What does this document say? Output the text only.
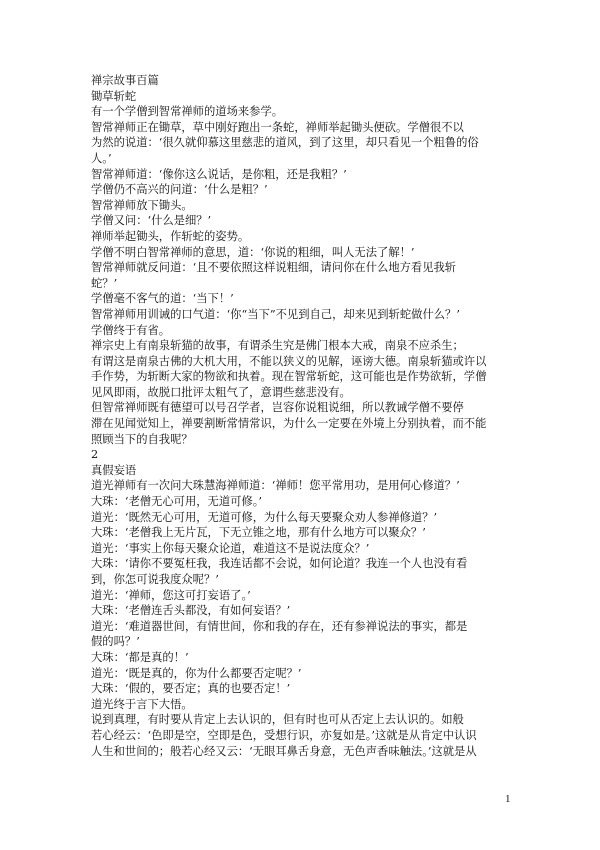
禅宗故事百篇
锄草斩蛇
有一个学僧到智常禅师的道场来参学。
智常禅师正在锄草，草中刚好跑出一条蛇，禅师举起锄头便砍。学僧很不以
为然的说道：‘很久就仰慕这里慈悲的道风，到了这里，却只看见一个粗鲁的俗
人。’
智常禅师道：‘像你这么说话，是你粗，还是我粗？’
学僧仍不高兴的问道：‘什么是粗？’
智常禅师放下锄头。
学僧又问：‘什么是细？’
禅师举起锄头，作斩蛇的姿势。
学僧不明白智常禅师的意思，道：‘你说的粗细，叫人无法了解！’
智常禅师就反问道：‘且不要依照这样说粗细，请问你在什么地方看见我斩
蛇？’
学僧毫不客气的道：‘当下！’
智常禅师用训诫的口气道：‘你“当下”不见到自己，却来见到斩蛇做什么？’
学僧终于有省。
禅宗史上有南泉斩猫的故事，有谓杀生究是佛门根本大戒，南泉不应杀生；
有谓这是南泉古佛的大机大用，不能以狭义的见解，诬谤大德。南泉斩猫或许以
手作势，为斩断大家的物欲和执着。现在智常斩蛇，这可能也是作势欲斩，学僧
见风即雨，故脱口批评太粗气了，意谓些慈悲没有。
但智常禅师既有德望可以号召学者，岂容你说粗说细，所以教诫学僧不要停
滞在见闻觉知上，禅要割断常情常识，为什么一定要在外境上分别执着，而不能
照顾当下的自我呢？
2
真假妄语
道光禅师有一次问大珠慧海禅师道：‘禅师！您平常用功，是用何心修道？’
大珠：‘老僧无心可用，无道可修。’
道光：‘既然无心可用，无道可修，为什么每天要聚众劝人参禅修道？’
大珠：‘老僧我上无片瓦，下无立锥之地，那有什么地方可以聚众？’
道光：‘事实上你每天聚众论道，难道这不是说法度众？’
大珠：‘请你不要冤枉我，我连话都不会说，如何论道？我连一个人也没有看
到，你怎可说我度众呢？’
道光：‘禅师，您这可打妄语了。’
大珠：‘老僧连舌头都没，有如何妄语？’
道光：‘难道器世间，有情世间，你和我的存在，还有参禅说法的事实，都是
假的吗？’
大珠：‘都是真的！’
道光：‘既是真的，你为什么都要否定呢？’
大珠：‘假的，要否定；真的也要否定！’
道光终于言下大悟。
说到真理，有时要从肯定上去认识的，但有时也可从否定上去认识的。如般
若心经云：‘色即是空，空即是色，受想行识，亦复如是。’这就是从肯定中认识
人生和世间的；般若心经又云：‘无眼耳鼻舌身意，无色声香味触法。’这就是从
1
